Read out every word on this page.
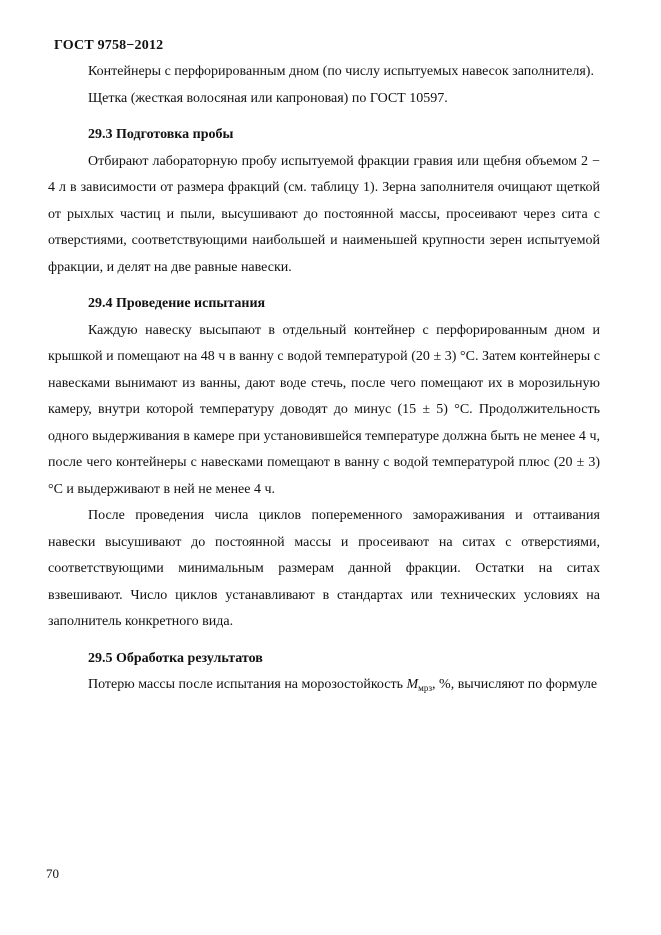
ГОСТ 9758−2012

Контейнеры с перфорированным дном (по числу испытуемых навесок заполнителя).

Щетка (жесткая волосяная или капроновая) по ГОСТ 10597.

29.3 Подготовка пробы

Отбирают лабораторную пробу испытуемой фракции гравия или щебня объемом 2 − 4 л в зависимости от размера фракций (см. таблицу 1). Зерна заполнителя очищают щеткой от рыхлых частиц и пыли, высушивают до постоянной массы, просеивают через сита с отверстиями, соответствующими наибольшей и наименьшей крупности зерен испытуемой фракции, и делят на две равные навески.

29.4 Проведение испытания

Каждую навеску высыпают в отдельный контейнер с перфорированным дном и крышкой и помещают на 48 ч в ванну с водой температурой (20 ± 3) °С. Затем контейнеры с навесками вынимают из ванны, дают воде стечь, после чего помещают их в морозильную камеру, внутри которой температуру доводят до минус (15 ± 5) °С. Продолжительность одного выдерживания в камере при установившейся температуре должна быть не менее 4 ч, после чего контейнеры с навесками помещают в ванну с водой температурой плюс (20 ± 3) °С и выдерживают в ней не менее 4 ч.

После проведения числа циклов попеременного замораживания и оттаивания навески высушивают до постоянной массы и просеивают на ситах с отверстиями, соответствующими минимальным размерам данной фракции. Остатки на ситах взвешивают. Число циклов устанавливают в стандартах или технических условиях на заполнитель конкретного вида.

29.5 Обработка результатов

Потерю массы после испытания на морозостойкость $М_{мрз}$, %, вычисляют по формуле

70
